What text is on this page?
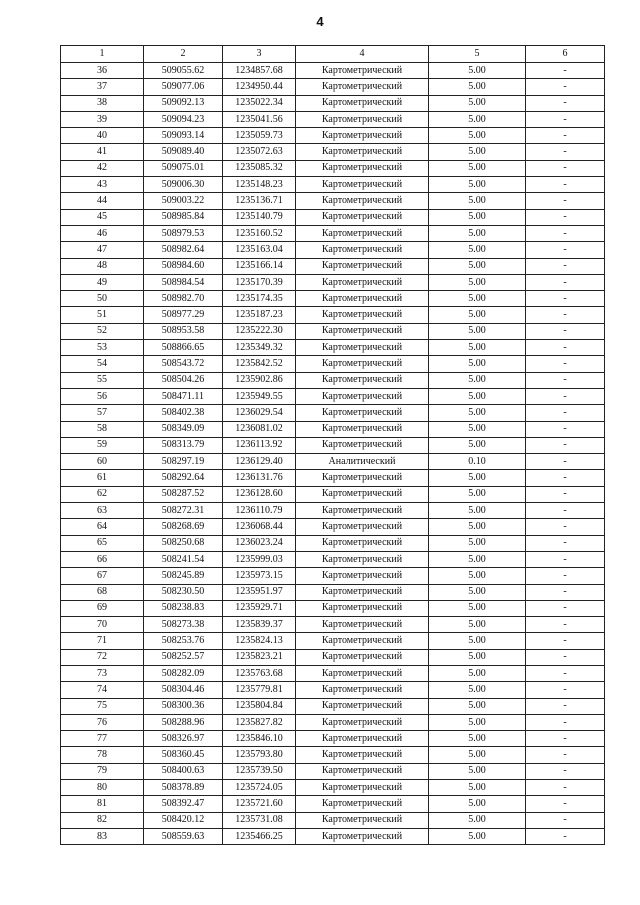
4
1	2	3	4	5	6
36	509055.62	1234857.68	Картометрический	5.00	-
37	509077.06	1234950.44	Картометрический	5.00	-
38	509092.13	1235022.34	Картометрический	5.00	-
39	509094.23	1235041.56	Картометрический	5.00	-
40	509093.14	1235059.73	Картометрический	5.00	-
41	509089.40	1235072.63	Картометрический	5.00	-
42	509075.01	1235085.32	Картометрический	5.00	-
43	509006.30	1235148.23	Картометрический	5.00	-
44	509003.22	1235136.71	Картометрический	5.00	-
45	508985.84	1235140.79	Картометрический	5.00	-
46	508979.53	1235160.52	Картометрический	5.00	-
47	508982.64	1235163.04	Картометрический	5.00	-
48	508984.60	1235166.14	Картометрический	5.00	-
49	508984.54	1235170.39	Картометрический	5.00	-
50	508982.70	1235174.35	Картометрический	5.00	-
51	508977.29	1235187.23	Картометрический	5.00	-
52	508953.58	1235222.30	Картометрический	5.00	-
53	508866.65	1235349.32	Картометрический	5.00	-
54	508543.72	1235842.52	Картометрический	5.00	-
55	508504.26	1235902.86	Картометрический	5.00	-
56	508471.11	1235949.55	Картометрический	5.00	-
57	508402.38	1236029.54	Картометрический	5.00	-
58	508349.09	1236081.02	Картометрический	5.00	-
59	508313.79	1236113.92	Картометрический	5.00	-
60	508297.19	1236129.40	Аналитический	0.10	-
61	508292.64	1236131.76	Картометрический	5.00	-
62	508287.52	1236128.60	Картометрический	5.00	-
63	508272.31	1236110.79	Картометрический	5.00	-
64	508268.69	1236068.44	Картометрический	5.00	-
65	508250.68	1236023.24	Картометрический	5.00	-
66	508241.54	1235999.03	Картометрический	5.00	-
67	508245.89	1235973.15	Картометрический	5.00	-
68	508230.50	1235951.97	Картометрический	5.00	-
69	508238.83	1235929.71	Картометрический	5.00	-
70	508273.38	1235839.37	Картометрический	5.00	-
71	508253.76	1235824.13	Картометрический	5.00	-
72	508252.57	1235823.21	Картометрический	5.00	-
73	508282.09	1235763.68	Картометрический	5.00	-
74	508304.46	1235779.81	Картометрический	5.00	-
75	508300.36	1235804.84	Картометрический	5.00	-
76	508288.96	1235827.82	Картометрический	5.00	-
77	508326.97	1235846.10	Картометрический	5.00	-
78	508360.45	1235793.80	Картометрический	5.00	-
79	508400.63	1235739.50	Картометрический	5.00	-
80	508378.89	1235724.05	Картометрический	5.00	-
81	508392.47	1235721.60	Картометрический	5.00	-
82	508420.12	1235731.08	Картометрический	5.00	-
83	508559.63	1235466.25	Картометрический	5.00	-
